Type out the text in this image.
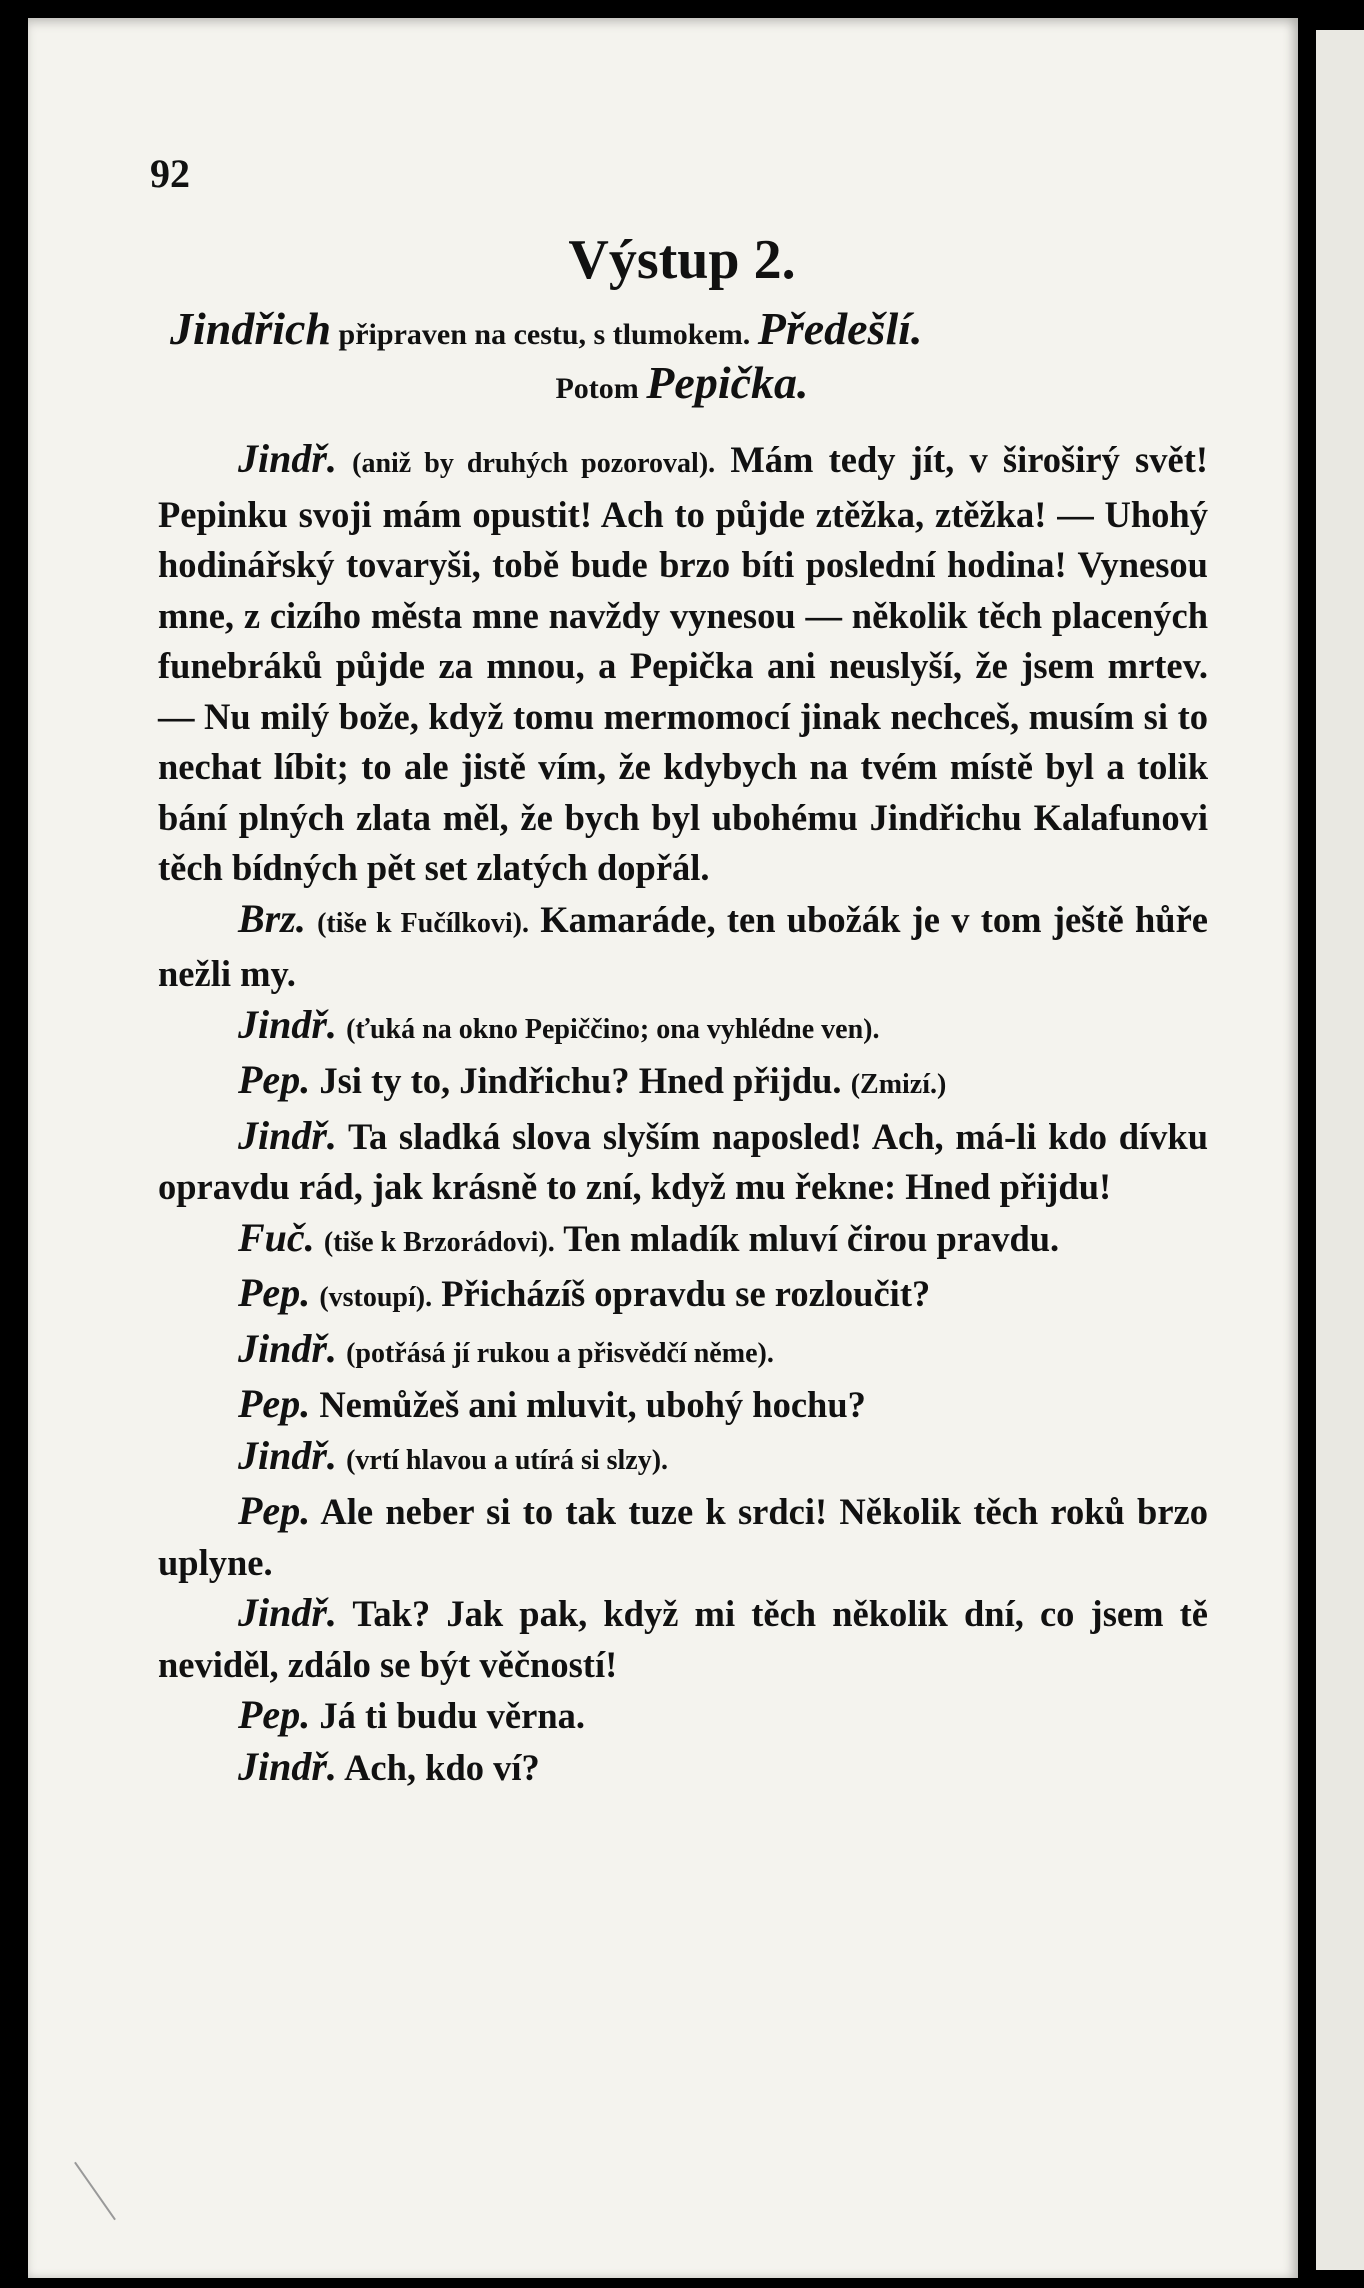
92
Výstup 2.
Jindřich připraven na cestu, s tlumokem. Předešlí.
Potom Pepička.

Jindř. (aniž by druhých pozoroval). Mám tedy jít, v široširý svět! Pepinku svoji mám opustit! Ach to půjde ztěžka, ztěžka! — Uhohý hodinářský tovaryši, tobě bude brzo bíti poslední hodina! Vynesou mne, z cizího města mne navždy vynesou — několik těch placených funebráků půjde za mnou, a Pepička ani neuslyší, že jsem mrtev. — Nu milý bože, když tomu mermomocí jinak nechceš, musím si to nechat líbit; to ale jistě vím, že kdybych na tvém místě byl a tolik bání plných zlata měl, že bych byl ubohému Jindřichu Kalafunovi těch bídných pět set zlatých dopřál.

Brz. (tiše k Fučílkovi). Kamaráde, ten ubožák je v tom ještě hůře nežli my.

Jindř. (ťuká na okno Pepiččino; ona vyhlédne ven).

Pep. Jsi ty to, Jindřichu? Hned přijdu. (Zmizí.)

Jindř. Ta sladká slova slyším naposled! Ach, má-li kdo dívku opravdu rád, jak krásně to zní, když mu řekne: Hned přijdu!

Fuč. (tiše k Brzorádovi). Ten mladík mluví čirou pravdu.

Pep. (vstoupí). Přicházíš opravdu se rozloučit?

Jindř. (potřásá jí rukou a přisvědčí něme).

Pep. Nemůžeš ani mluvit, ubohý hochu?

Jindř. (vrtí hlavou a utírá si slzy).

Pep. Ale neber si to tak tuze k srdci! Několik těch roků brzo uplyne.

Jindř. Tak? Jak pak, když mi těch několik dní, co jsem tě neviděl, zdálo se být věčností!

Pep. Já ti budu věrna.

Jindř. Ach, kdo ví?
